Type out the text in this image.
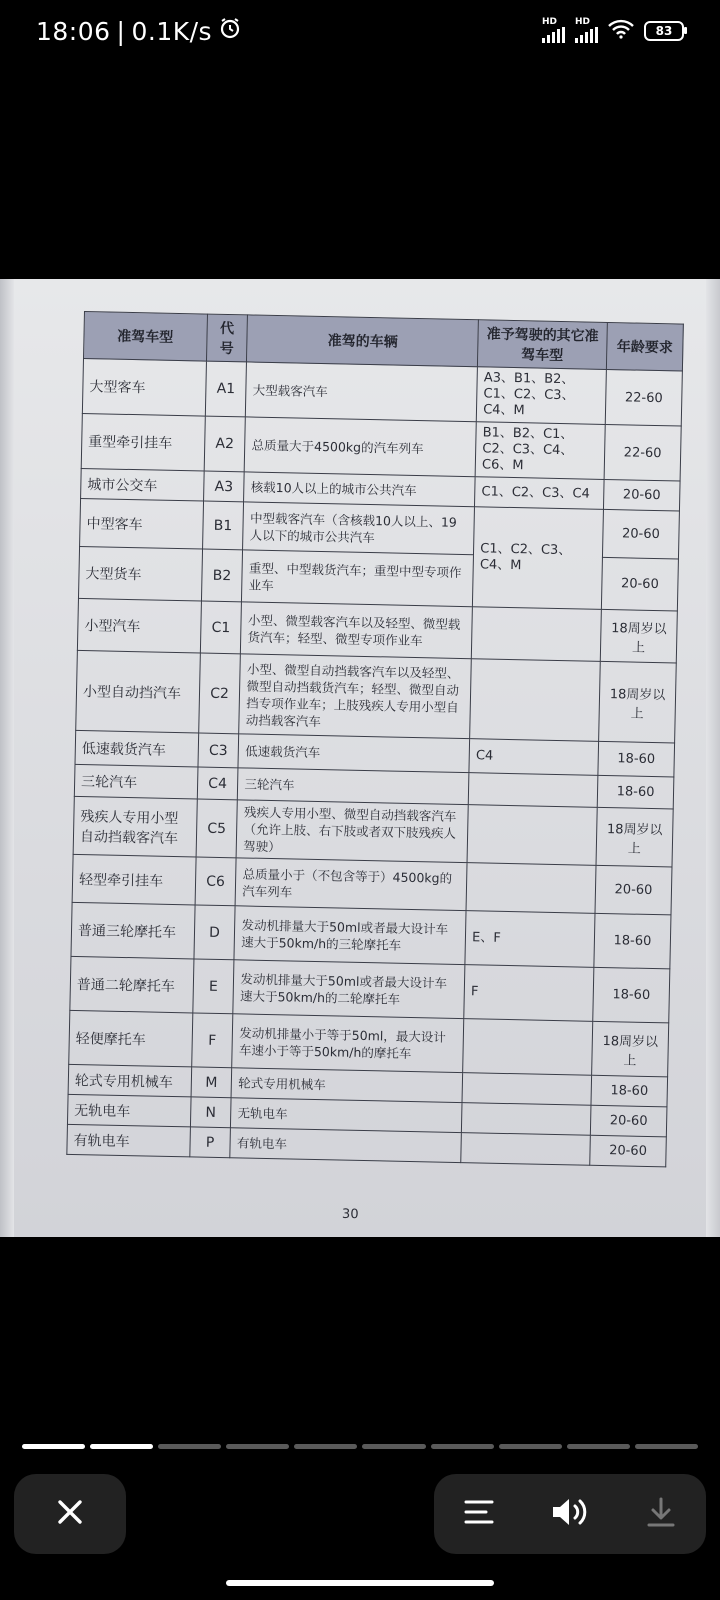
18:06 | 0.1K/s	HD HD
83
准驾车型	代号	准驾的车辆	准予驾驶的其它准驾车型	年龄要求
大型客车	A1	大型载客汽车	A3、B1、B2、C1、C2、C3、C4、M	22-60
重型牵引挂车	A2	总质量大于4500kg的汽车列车	B1、B2、C1、C2、C3、C4、C6、M	22-60
城市公交车	A3	核载10人以上的城市公共汽车	C1、C2、C3、C4	20-60
中型客车	B1	中型载客汽车（含核载10人以上、19人以下的城市公共汽车	C1、C2、C3、C4、M	20-60
大型货车	B2	重型、中型载货汽车；重型中型专项作业车		20-60
小型汽车	C1	小型、微型载客汽车以及轻型、微型载货汽车；轻型、微型专项作业车		18周岁以上
小型自动挡汽车	C2	小型、微型自动挡载客汽车以及轻型、微型自动挡载货汽车；轻型、微型自动挡专项作业车；上肢残疾人专用小型自动挡载客汽车		18周岁以上
低速载货汽车	C3	低速载货汽车	C4	18-60
三轮汽车	C4	三轮汽车		18-60
残疾人专用小型自动挡载客汽车	C5	残疾人专用小型、微型自动挡载客汽车（允许上肢、右下肢或者双下肢残疾人驾驶）		18周岁以上
轻型牵引挂车	C6	总质量小于（不包含等于）4500kg的汽车列车		20-60
普通三轮摩托车	D	发动机排量大于50ml或者最大设计车速大于50km/h的三轮摩托车	E、F	18-60
普通二轮摩托车	E	发动机排量大于50ml或者最大设计车速大于50km/h的二轮摩托车	F	18-60
轻便摩托车	F	发动机排量小于等于50ml，最大设计车速小于等于50km/h的摩托车		18周岁以上
轮式专用机械车	M	轮式专用机械车		18-60
无轨电车	N	无轨电车		20-60
有轨电车	P	有轨电车		20-60
30
